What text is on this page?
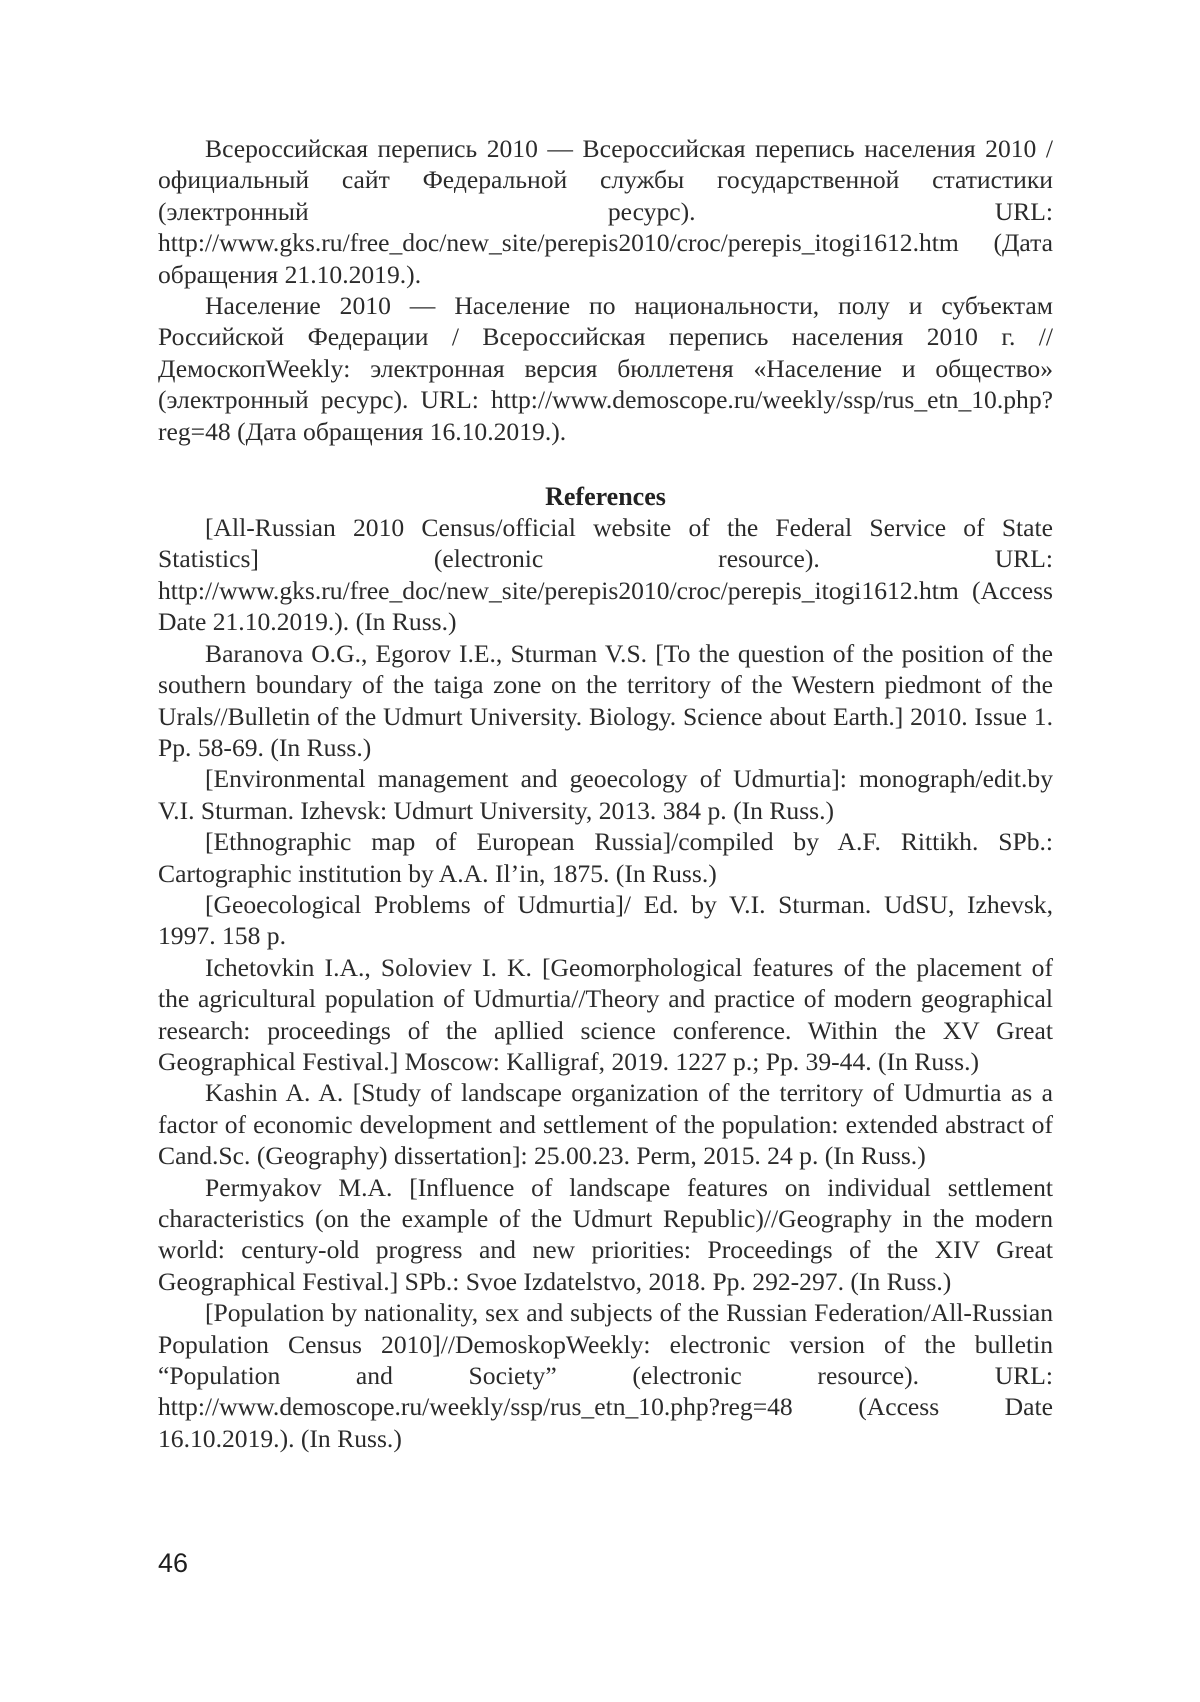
Всероссийская перепись 2010 — Всероссийская перепись населения 2010 / официальный сайт Федеральной службы государственной статистики (электронный ресурс). URL: http://www.gks.ru/free_doc/new_site/perepis2010/croc/perepis_itogi1612.htm (Дата обращения 21.10.2019.).

Население 2010 — Население по национальности, полу и субъектам Российской Федерации / Всероссийская перепись населения 2010 г. // ДемоскопWeekly: электронная версия бюллетеня «Население и общество» (электронный ресурс). URL: http://www.demoscope.ru/weekly/ssp/rus_etn_10.php?reg=48 (Дата обращения 16.10.2019.).

References

[All-Russian 2010 Census/official website of the Federal Service of State Statistics] (electronic resource). URL: http://www.gks.ru/free_doc/new_site/perepis2010/croc/perepis_itogi1612.htm (Access Date 21.10.2019.). (In Russ.)

Baranova O.G., Egorov I.E., Sturman V.S. [To the question of the position of the southern boundary of the taiga zone on the territory of the Western piedmont of the Urals//Bulletin of the Udmurt University. Biology. Science about Earth.] 2010. Issue 1. Pp. 58-69. (In Russ.)

[Environmental management and geoecology of Udmurtia]: monograph/edit.by V.I. Sturman. Izhevsk: Udmurt University, 2013. 384 p. (In Russ.)

[Ethnographic map of European Russia]/compiled by A.F. Rittikh. SPb.: Cartographic institution by A.A. Il’in, 1875. (In Russ.)

[Geoecological Problems of Udmurtia]/ Ed. by V.I. Sturman. UdSU, Izhevsk, 1997. 158 p.

Ichetovkin I.A., Soloviev I. K. [Geomorphological features of the placement of the agricultural population of Udmurtia//Theory and practice of modern geographical research: proceedings of the apllied science conference. Within the XV Great Geographical Festival.] Moscow: Kalligraf, 2019. 1227 p.; Pp. 39-44. (In Russ.)

Kashin A. A. [Study of landscape organization of the territory of Udmurtia as a factor of economic development and settlement of the population: extended abstract of Cand.Sc. (Geography) dissertation]: 25.00.23. Perm, 2015. 24 p. (In Russ.)

Permyakov M.A. [Influence of landscape features on individual settlement characteristics (on the example of the Udmurt Republic)//Geography in the modern world: century-old progress and new priorities: Proceedings of the XIV Great Geographical Festival.] SPb.: Svoe Izdatelstvo, 2018. Pp. 292-297. (In Russ.)

[Population by nationality, sex and subjects of the Russian Federation/All-Russian Population Census 2010]//DemoskopWeekly: electronic version of the bulletin “Population and Society” (electronic resource). URL: http://www.demoscope.ru/weekly/ssp/rus_etn_10.php?reg=48 (Access Date 16.10.2019.). (In Russ.)

46
